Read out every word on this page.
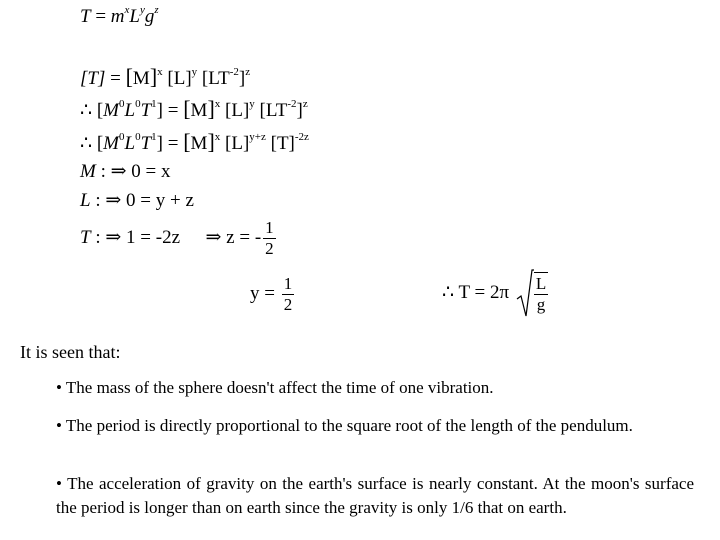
$T = m^xL^yg^z$
$[T] = [M]^x$ $[L]^y$ $[LT^{-2}]^z$
∴ $[M^0L^0T^1] = [M]^x$ $[L]^y$ $[LT^{-2}]^z$
∴ $[M^0L^0T^1] = [M]^x$ $[L]^{y+z}$ $[T]^{-2z}$
M : ⇒ 0 = x
L : ⇒ 0 = y + z
T : ⇒ 1 = -2z ⇒ z = - $\frac{1}{2}$
$y = \frac{1}{2}$	∴ $T = 2\pi \frac{L}{g}$
It is seen that:
• The mass of the sphere doesn't affect the time of one vibration.
• The period is directly proportional to the square root of the length of the pendulum.
• The acceleration of gravity on the earth's surface is nearly constant. At the moon's surface the period is longer than on earth since the gravity is only 1/6 that on earth.
